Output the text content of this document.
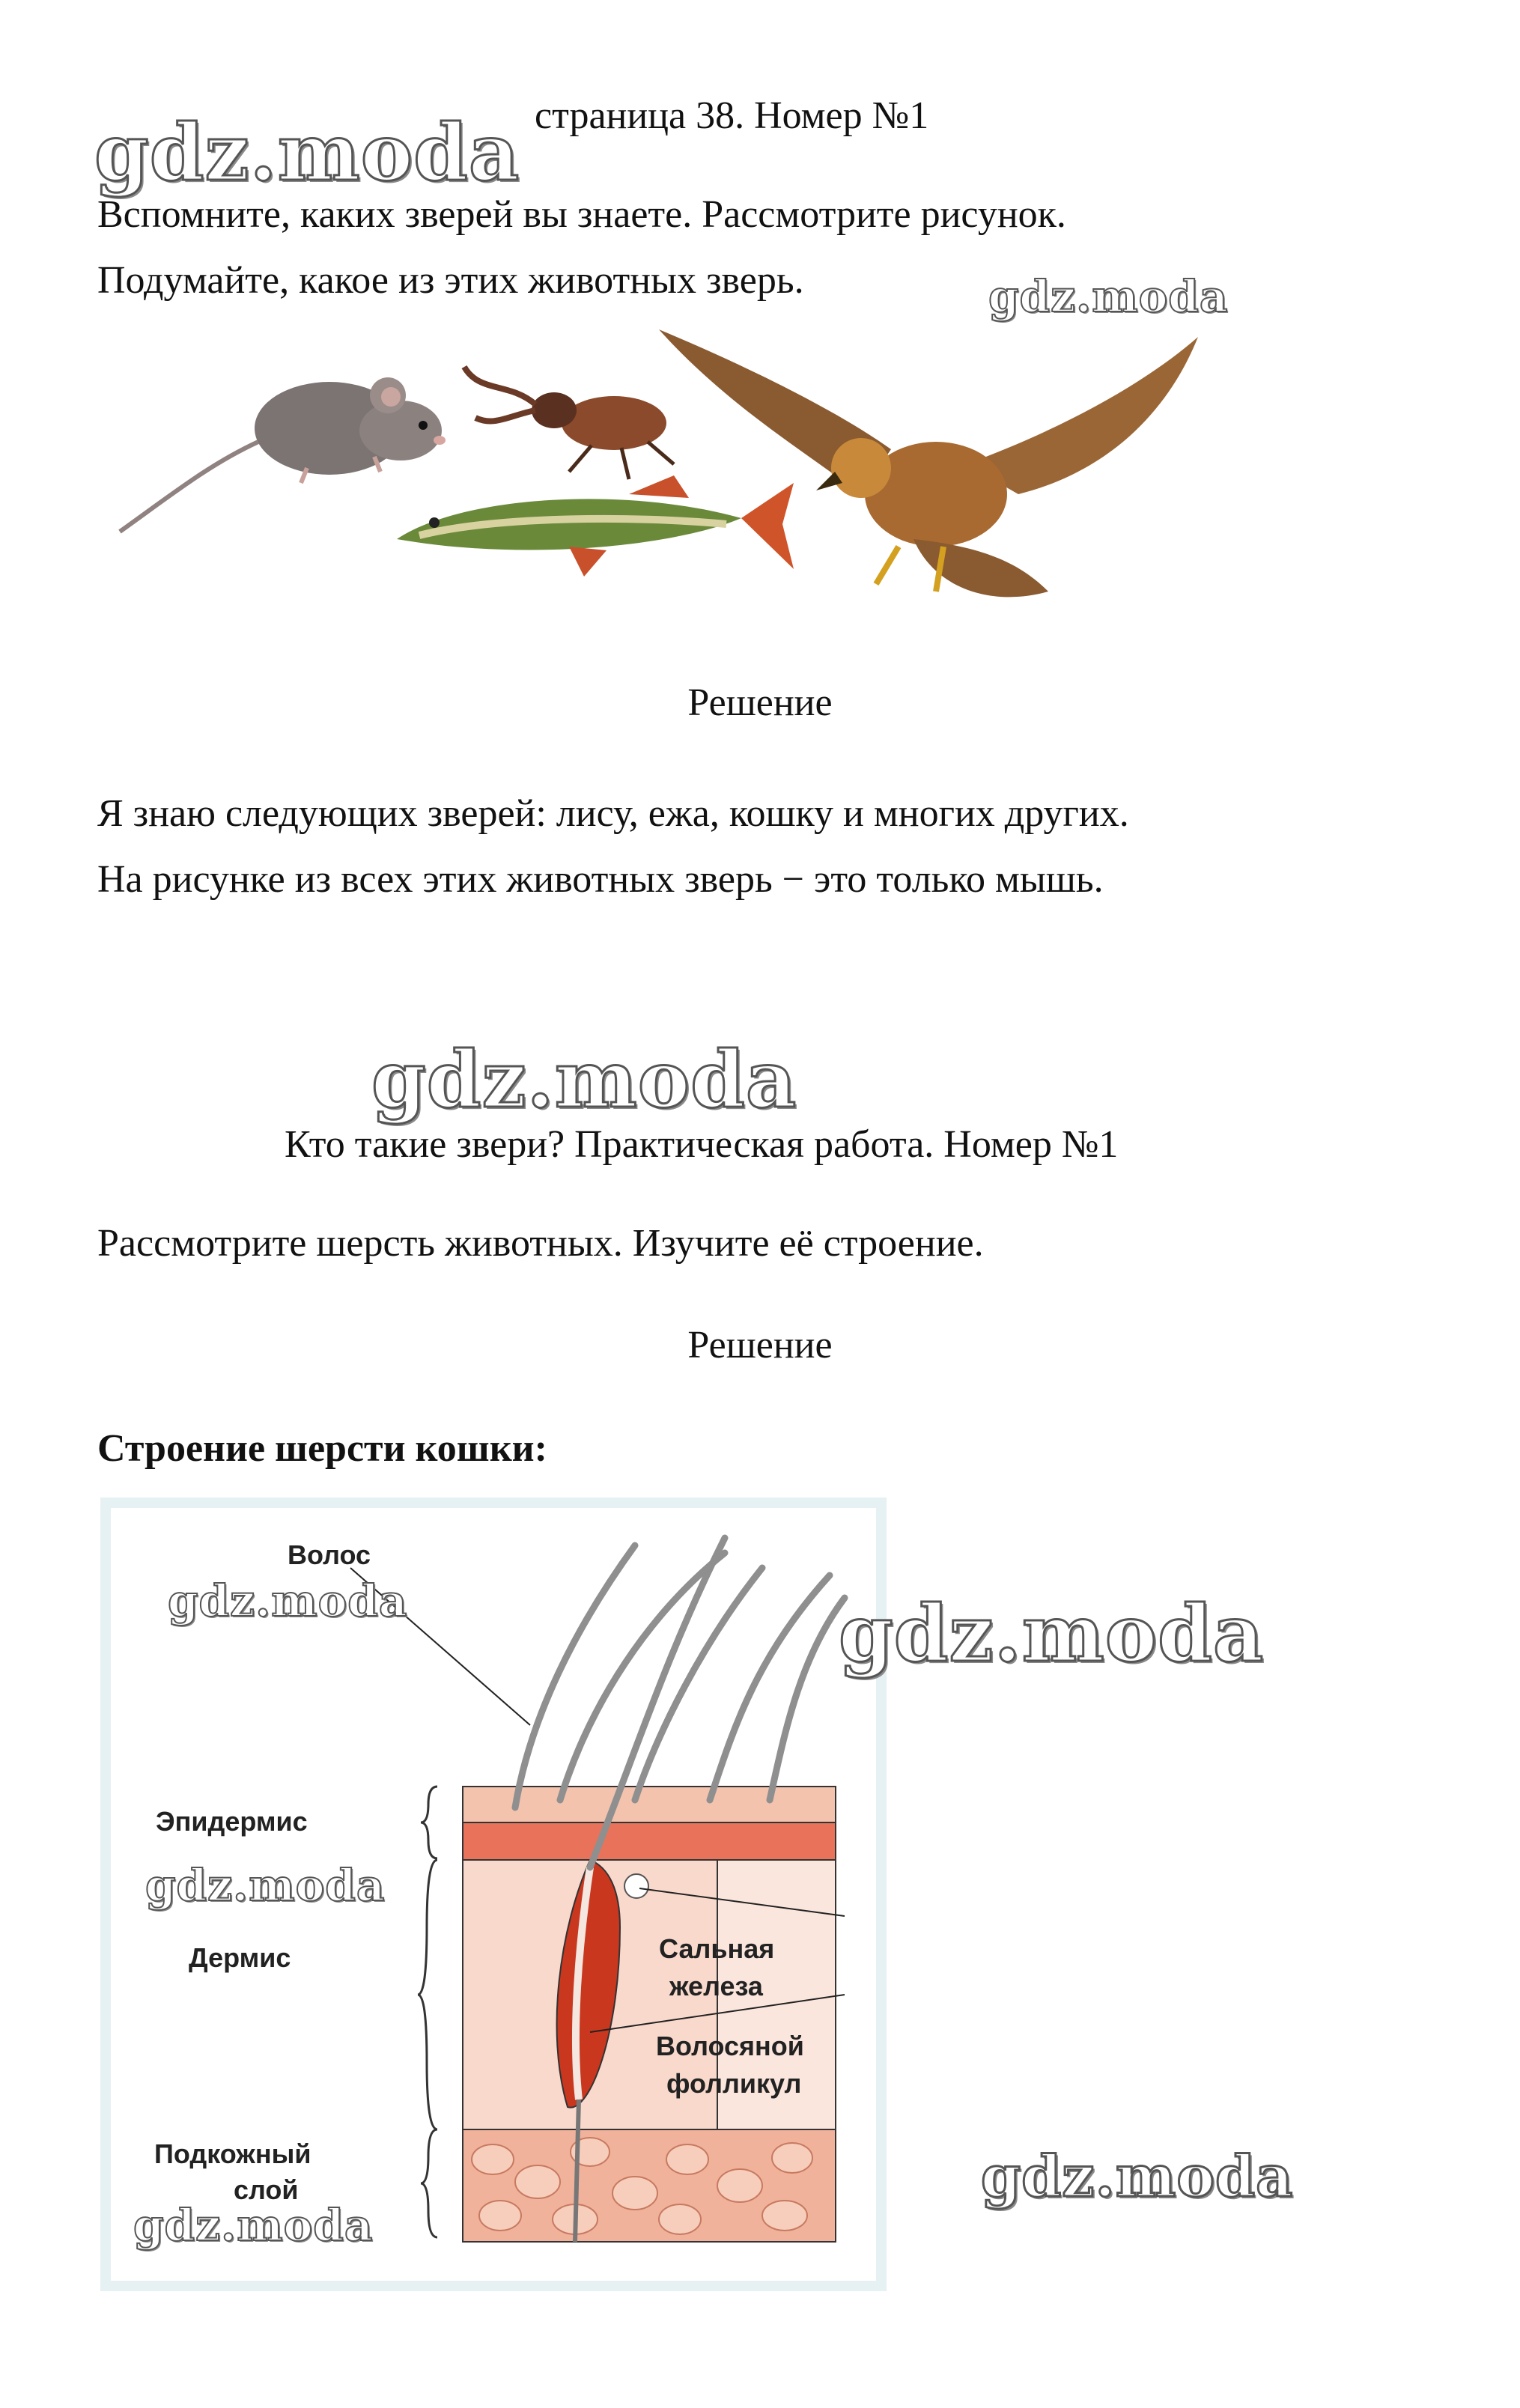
страница 38. Номер №1
gdz.moda
Вспомните, каких зверей вы знаете. Рассмотрите рисунок.
Подумайте, какое из этих животных зверь.	gdz.moda
Решение
Я знаю следующих зверей: лису, ежа, кошку и многих других.
На рисунке из всех этих животных зверь − это только мышь.
gdz.moda
Кто такие звери? Практическая работа. Номер №1
Рассмотрите шерсть животных. Изучите её строение.
Решение
Строение шерсти кошки:
Волос
gdz.moda
Эпидермис
gdz.moda
Дермис
Подкожный
слой
gdz.moda
Сальная
железа
Волосяной
фолликул
gdz.moda
gdz.moda
